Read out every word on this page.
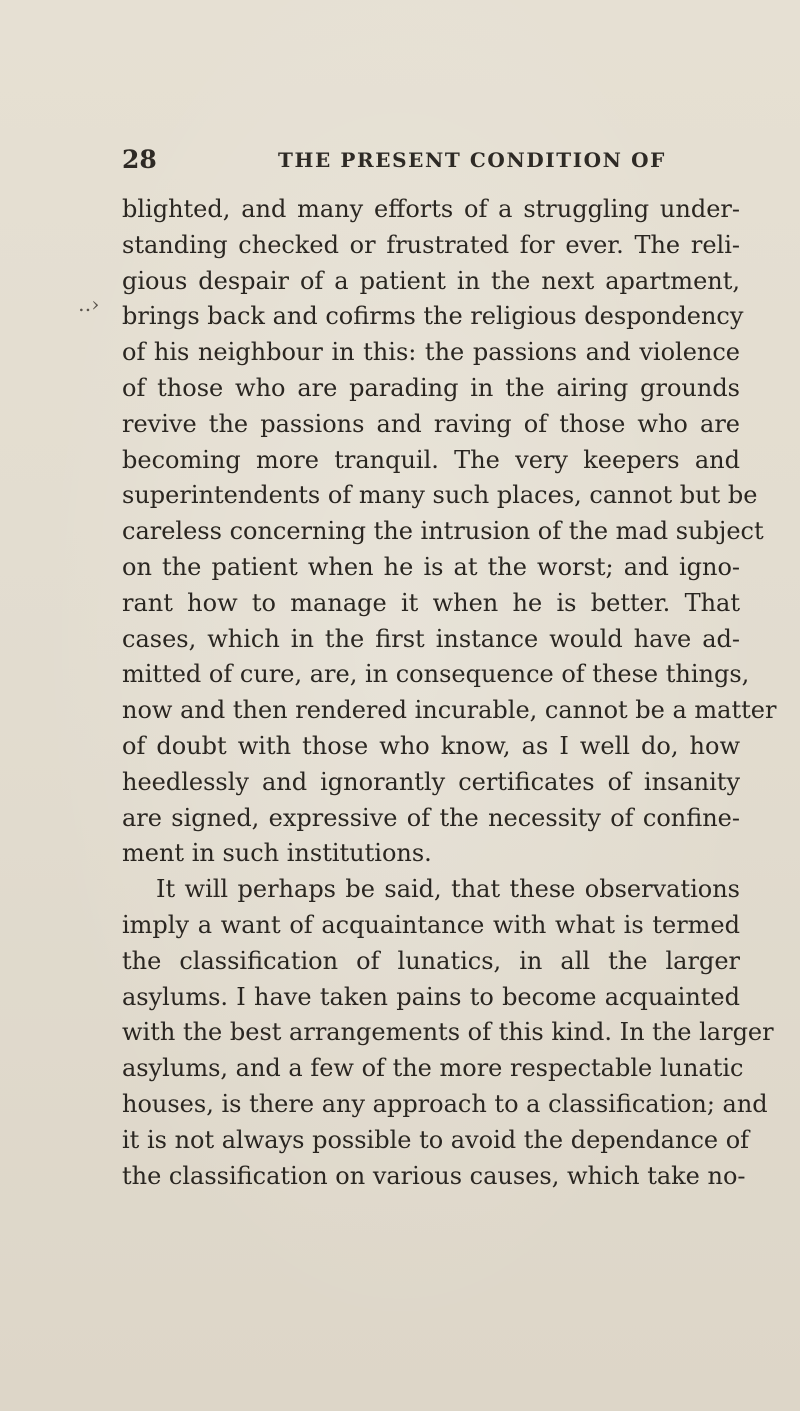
28	THE PRESENT CONDITION OF
․․›
blighted, and many efforts of a struggling under-
standing checked or frustrated for ever. The reli-
gious despair of a patient in the next apartment,
brings back and cofirms the religious despondency
of his neighbour in this: the passions and violence
of those who are parading in the airing grounds
revive the passions and raving of those who are
becoming more tranquil. The very keepers and
superintendents of many such places, cannot but be
careless concerning the intrusion of the mad subject
on the patient when he is at the worst; and igno-
rant how to manage it when he is better. That
cases, which in the first instance would have ad-
mitted of cure, are, in consequence of these things,
now and then rendered incurable, cannot be a matter
of doubt with those who know, as I well do, how
heedlessly and ignorantly certificates of insanity
are signed, expressive of the necessity of confine-
ment in such institutions.
It will perhaps be said, that these observations
imply a want of acquaintance with what is termed
the classification of lunatics, in all the larger
asylums. I have taken pains to become acquainted
with the best arrangements of this kind. In the larger
asylums, and a few of the more respectable lunatic
houses, is there any approach to a classification; and
it is not always possible to avoid the dependance of
the classification on various causes, which take no-
